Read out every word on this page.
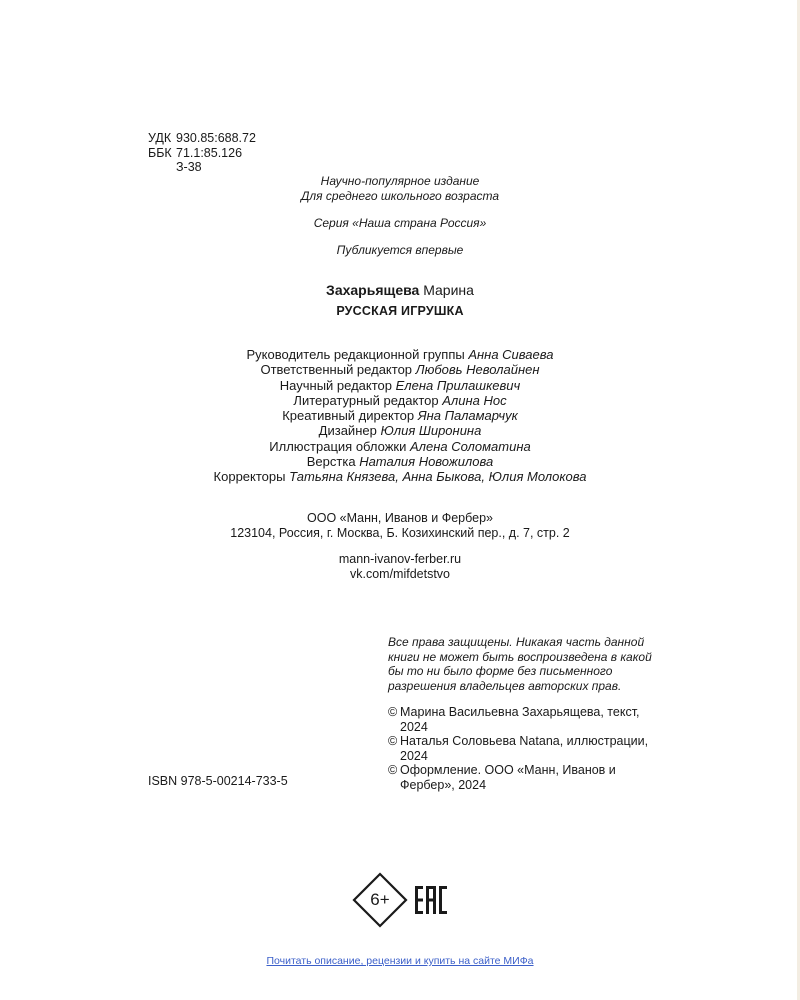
УДК 930.85:688.72
ББК 71.1:85.126
З-38
Научно-популярное издание
Для среднего школьного возраста
Серия «Наша страна Россия»
Публикуется впервые
Захарьящева Марина
РУССКАЯ ИГРУШКА
Руководитель редакционной группы Анна Сиваева
Ответственный редактор Любовь Неволайнен
Научный редактор Елена Прилашкевич
Литературный редактор Алина Нос
Креативный директор Яна Паламарчук
Дизайнер Юлия Широнина
Иллюстрация обложки Алена Соломатина
Верстка Наталия Новожилова
Корректоры Татьяна Князева, Анна Быкова, Юлия Молокова
ООО «Манн, Иванов и Фербер»
123104, Россия, г. Москва, Б. Козихинский пер., д. 7, стр. 2
mann-ivanov-ferber.ru
vk.com/mifdetstvo
Все права защищены. Никакая часть данной книги не может быть воспроизведена в какой бы то ни было форме без письменного разрешения владельцев авторских прав.
© Марина Васильевна Захарьящева, текст, 2024
© Наталья Соловьева Natana, иллюстрации, 2024
© Оформление. ООО «Манн, Иванов и Фербер», 2024
ISBN 978-5-00214-733-5
6+
Почитать описание, рецензии и купить на сайте МИФа
